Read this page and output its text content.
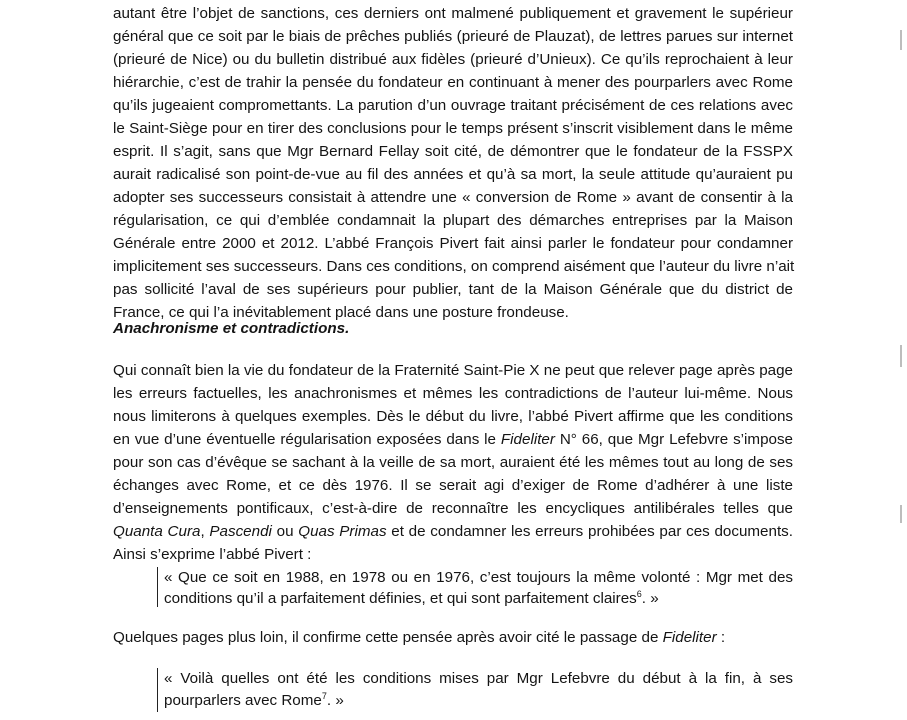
autant être l’objet de sanctions, ces derniers ont malmené publiquement et gravement le supérieur
général que ce soit par le biais de prêches publiés (prieuré de Plauzat), de lettres parues sur internet
(prieuré de Nice) ou du bulletin distribué aux fidèles (prieuré d’Unieux). Ce qu’ils reprochaient à leur
hiérarchie, c’est de trahir la pensée du fondateur en continuant à mener des pourparlers avec Rome
qu’ils jugeaient compromettants. La parution d’un ouvrage traitant précisément de ces relations avec
le Saint-Siège pour en tirer des conclusions pour le temps présent s’inscrit visiblement dans le même
esprit. Il s’agit, sans que Mgr Bernard Fellay soit cité, de démontrer que le fondateur de la FSSPX
aurait radicalisé son point-de-vue au fil des années et qu’à sa mort, la seule attitude qu’auraient pu
adopter ses successeurs consistait à attendre une « conversion de Rome » avant de consentir à la
régularisation, ce qui d’emblée condamnait la plupart des démarches entreprises par la Maison
Générale entre 2000 et 2012. L’abbé François Pivert fait ainsi parler le fondateur pour condamner
implicitement ses successeurs. Dans ces conditions, on comprend aisément que l’auteur du livre n’ait
pas sollicité l’aval de ses supérieurs pour publier, tant de la Maison Générale que du district de
France, ce qui l’a inévitablement placé dans une posture frondeuse.
Anachronisme et contradictions.
Qui connaît bien la vie du fondateur de la Fraternité Saint-Pie X ne peut que relever page après page
les erreurs factuelles, les anachronismes et mêmes les contradictions de l’auteur lui-même. Nous
nous limiterons à quelques exemples. Dès le début du livre, l’abbé Pivert affirme que les conditions
en vue d’une éventuelle régularisation exposées dans le Fideliter N° 66, que Mgr Lefebvre s’impose
pour son cas d’évêque se sachant à la veille de sa mort, auraient été les mêmes tout au long de ses
échanges avec Rome, et ce dès 1976. Il se serait agi d’exiger de Rome d’adhérer à une liste
d’enseignements pontificaux, c’est-à-dire de reconnaître les encycliques antilibérales telles que
Quanta Cura, Pascendi ou Quas Primas et de condamner les erreurs prohibées par ces documents.
Ainsi s’exprime l’abbé Pivert :
« Que ce soit en 1988, en 1978 ou en 1976, c’est toujours la même volonté : Mgr met des
conditions qu’il a parfaitement définies, et qui sont parfaitement claires$^6$. »
Quelques pages plus loin, il confirme cette pensée après avoir cité le passage de Fideliter :
« Voilà quelles ont été les conditions mises par Mgr Lefebvre du début à la fin, à ses
pourparlers avec Rome$^7$. »
